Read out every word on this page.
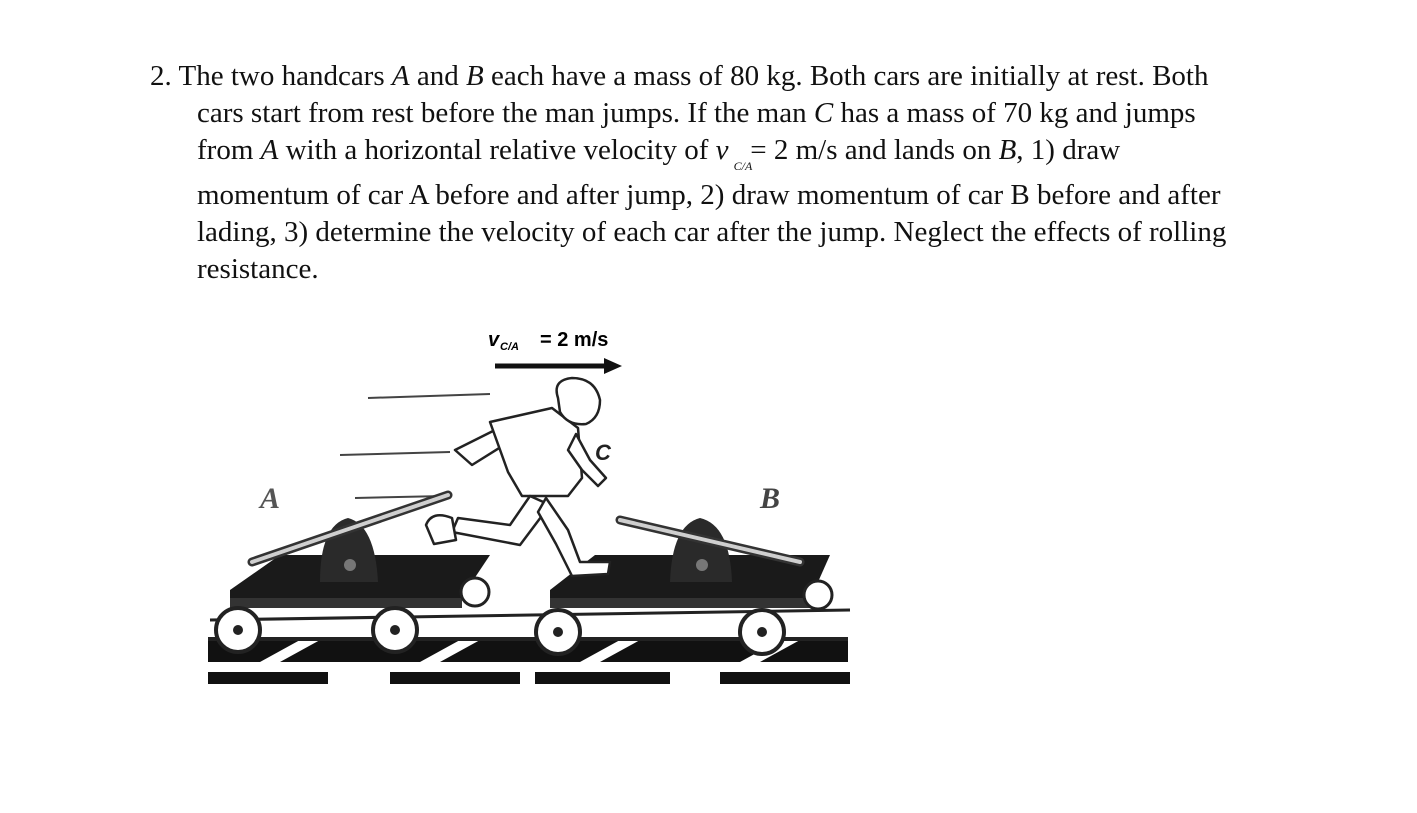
2. The two handcars A and B each have a mass of 80 kg. Both cars are initially at rest. Both
cars start from rest before the man jumps. If the man C has a mass of 70 kg and jumps
from A with a horizontal relative velocity of v C/A
= 2 m/s and lands on B, 1) draw
momentum of car A before and after jump, 2) draw momentum of car B before and after
lading, 3) determine the velocity of each car after the jump. Neglect the effects of rolling
resistance.
v C/A = 2 m/s
A	B
C
